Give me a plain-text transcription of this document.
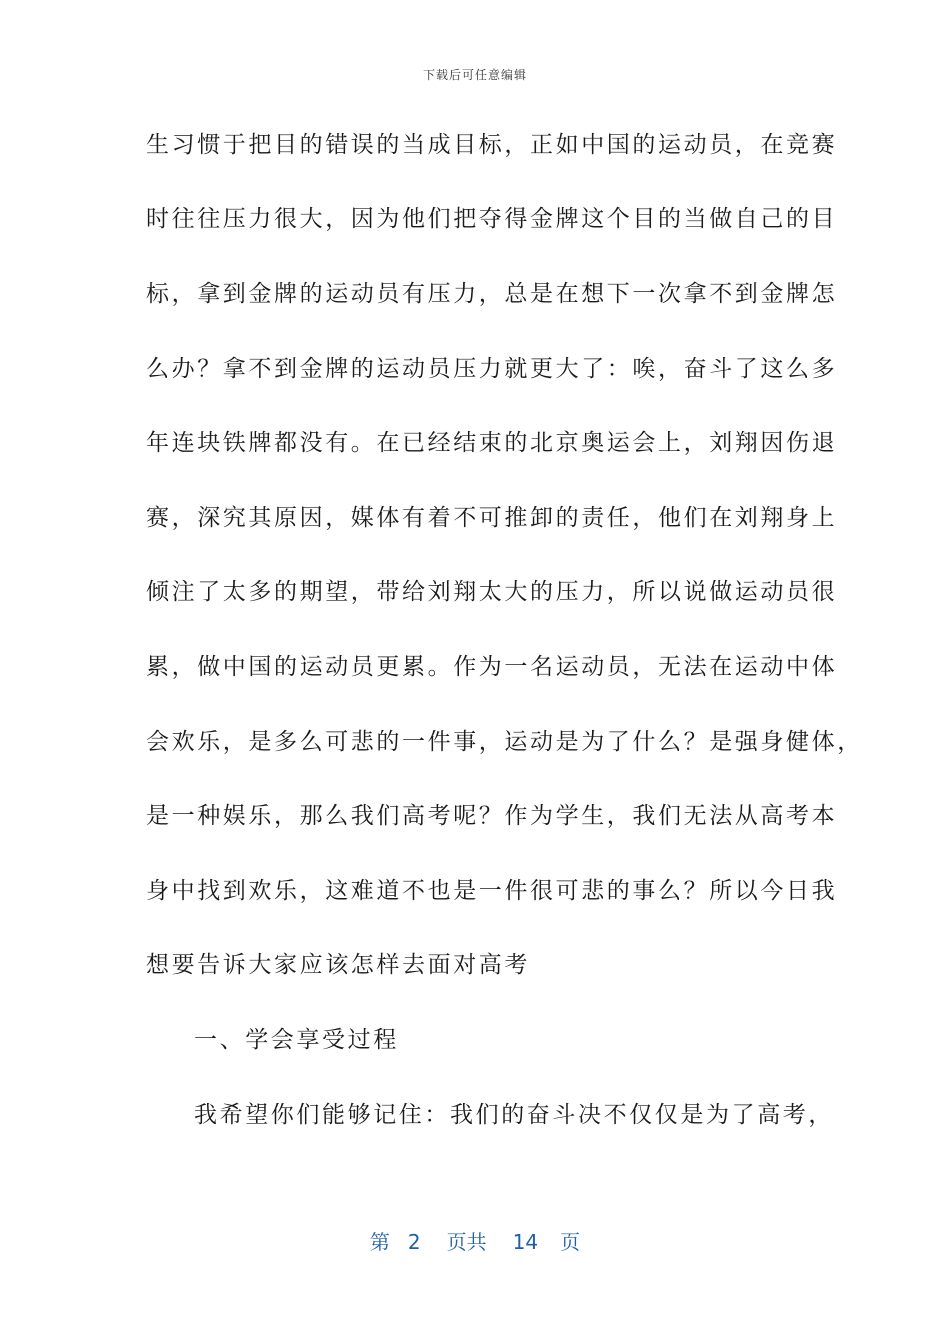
下载后可任意编辑
生习惯于把目的错误的当成目标，正如中国的运动员，在竞赛
时往往压力很大，因为他们把夺得金牌这个目的当做自己的目
标，拿到金牌的运动员有压力，总是在想下一次拿不到金牌怎
么办？拿不到金牌的运动员压力就更大了：唉，奋斗了这么多
年连块铁牌都没有。在已经结束的北京奥运会上，刘翔因伤退
赛，深究其原因，媒体有着不可推卸的责任，他们在刘翔身上
倾注了太多的期望，带给刘翔太大的压力，所以说做运动员很
累，做中国的运动员更累。作为一名运动员，无法在运动中体
会欢乐，是多么可悲的一件事，运动是为了什么？是强身健体，
是一种娱乐，那么我们高考呢？作为学生，我们无法从高考本
身中找到欢乐，这难道不也是一件很可悲的事么？所以今日我
想要告诉大家应该怎样去面对高考
一、学会享受过程
我希望你们能够记住：我们的奋斗决不仅仅是为了高考，
第 2 页共 14 页
